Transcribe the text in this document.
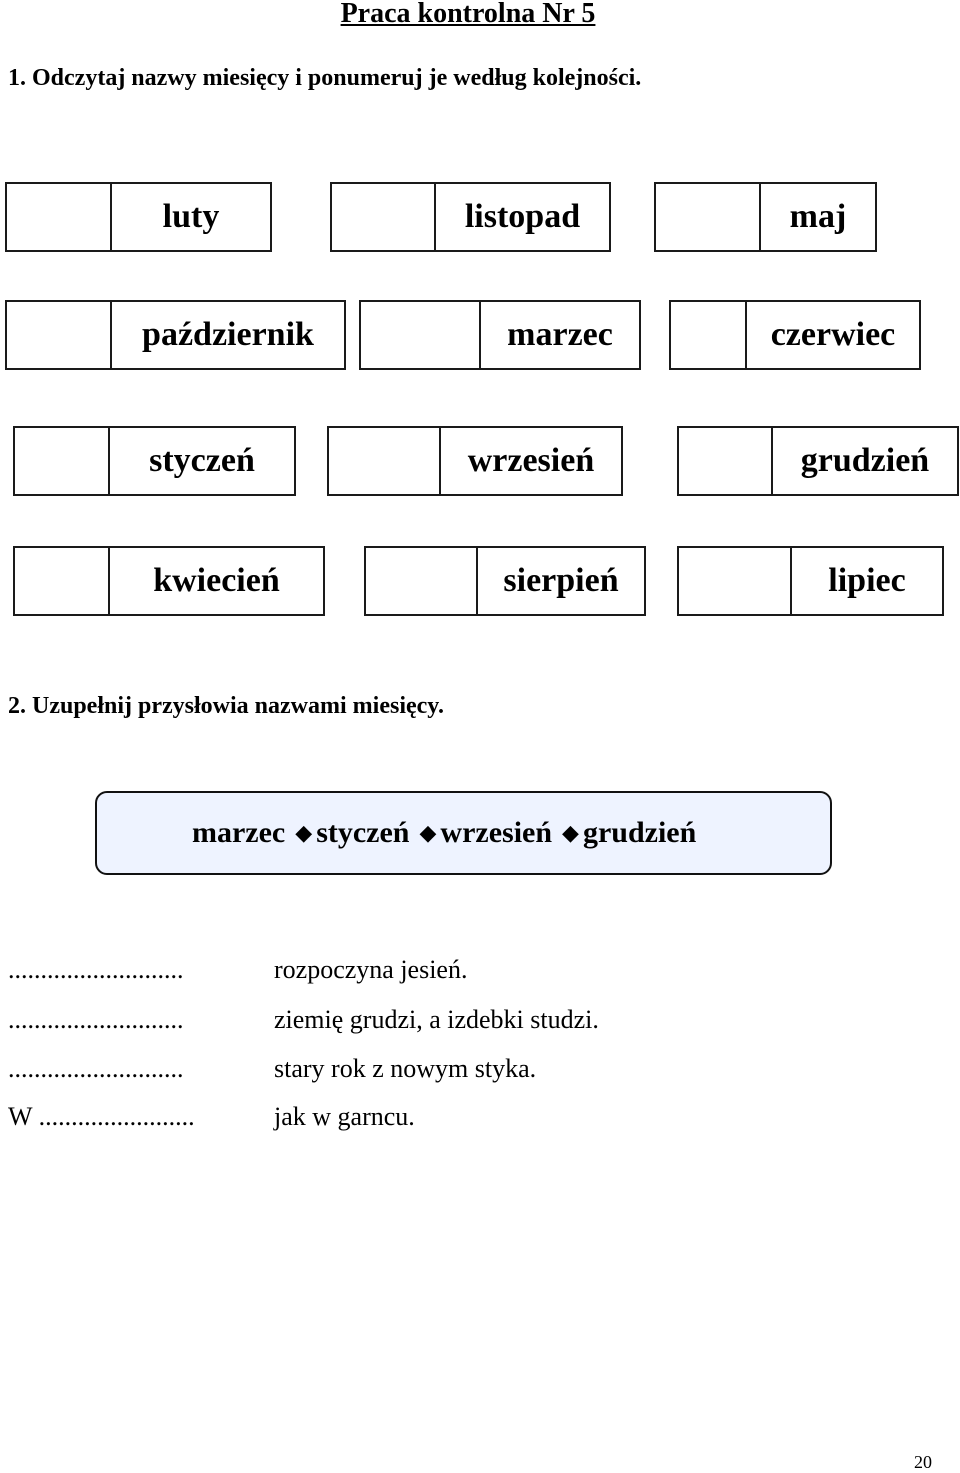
Praca kontrolna Nr 5
1. Odczytaj nazwy miesięcy i ponumeruj je według kolejności.
luty	listopad	maj
październik	marzec	czerwiec
styczeń	wrzesień	grudzień
kwiecień	sierpień	lipiec
2. Uzupełnij przysłowia nazwami miesięcy.
marzec ◆ styczeń ◆ wrzesień ◆ grudzień
...........................	rozpoczyna jesień.
...........................	ziemię grudzi, a izdebki studzi.
...........................	stary rok z nowym styka.
W ........................	jak w garncu.
20
